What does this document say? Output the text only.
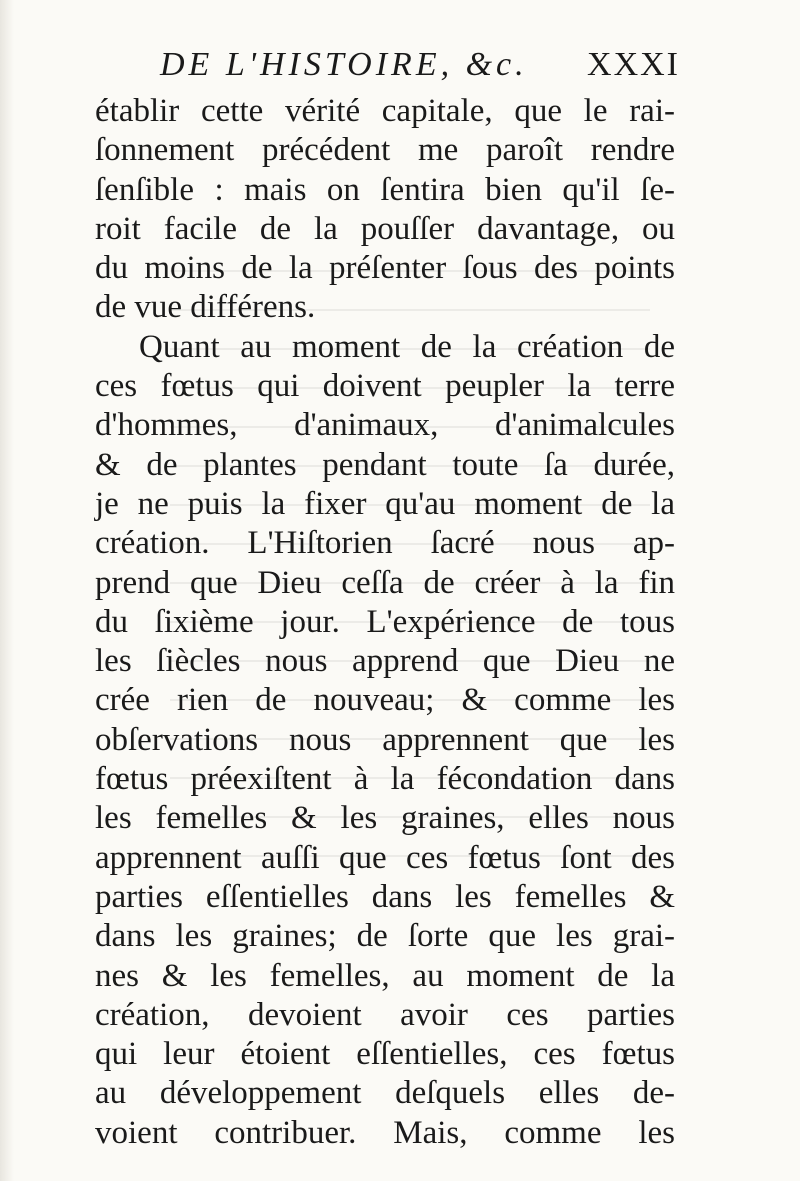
DE L'HISTOIRE, &c. XXXI
établir cette vérité capitale, que le rai-
ſonnement précédent me paroît rendre
ſenſible : mais on ſentira bien qu'il ſe-
roit facile de la pouſſer davantage, ou
du moins de la préſenter ſous des points
de vue différens.
Quant au moment de la création de
ces fœtus qui doivent peupler la terre
d'hommes, d'animaux, d'animalcules
& de plantes pendant toute ſa durée,
je ne puis la fixer qu'au moment de la
création. L'Hiſtorien ſacré nous ap-
prend que Dieu ceſſa de créer à la fin
du ſixième jour. L'expérience de tous
les ſiècles nous apprend que Dieu ne
crée rien de nouveau; & comme les
obſervations nous apprennent que les
fœtus préexiſtent à la fécondation dans
les femelles & les graines, elles nous
apprennent auſſi que ces fœtus ſont des
parties eſſentielles dans les femelles &
dans les graines; de ſorte que les grai-
nes & les femelles, au moment de la
création, devoient avoir ces parties
qui leur étoient eſſentielles, ces fœtus
au développement deſquels elles de-
voient contribuer. Mais, comme les
